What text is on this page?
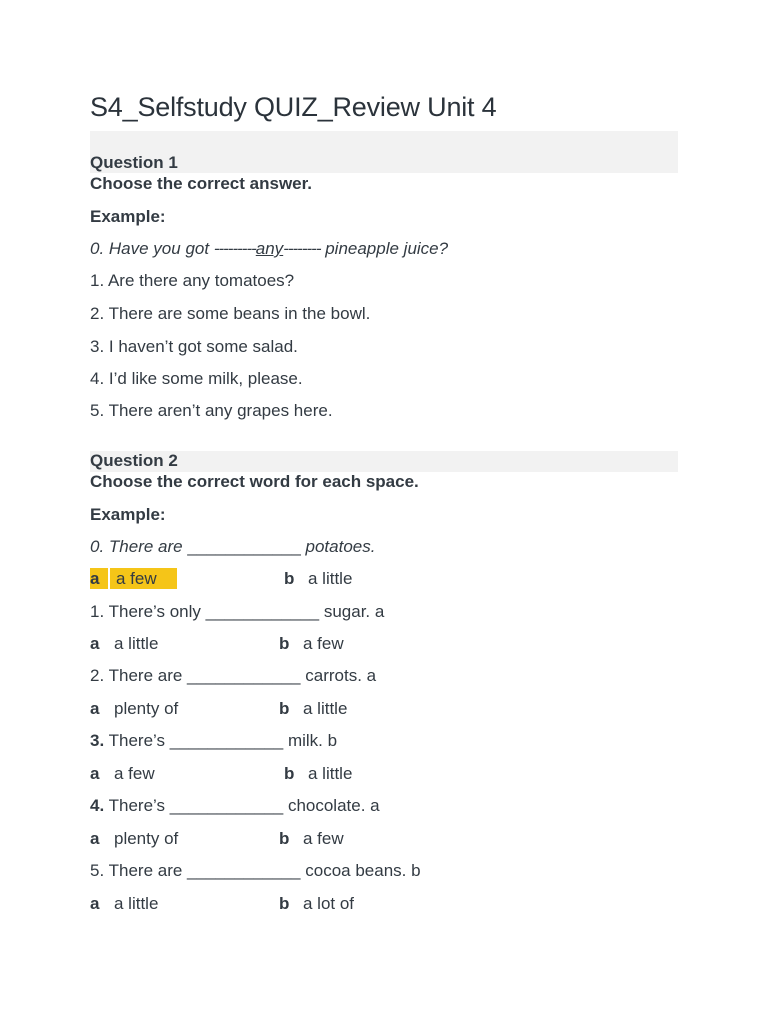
S4_Selfstudy QUIZ_Review Unit 4
Question 1
Choose the correct answer.
Example:
0. Have you got ---------any-------- pineapple juice?
1. Are there any tomatoes?
2. There are some beans in the bowl.
3. I haven’t got some salad.
4. I’d like some milk, please.
5. There aren’t any grapes here.
Question 2
Choose the correct word for each space.
Example:
0. There are ____________ potatoes.
a a few	b a little
1. There’s only ____________ sugar. a
a a little	b a few
2. There are ____________ carrots. a
a plenty of	b a little
3. There’s ____________ milk. b
a a few	b a little
4. There’s ____________ chocolate. a
a plenty of	b a few
5. There are ____________ cocoa beans. b
a a little	b a lot of
